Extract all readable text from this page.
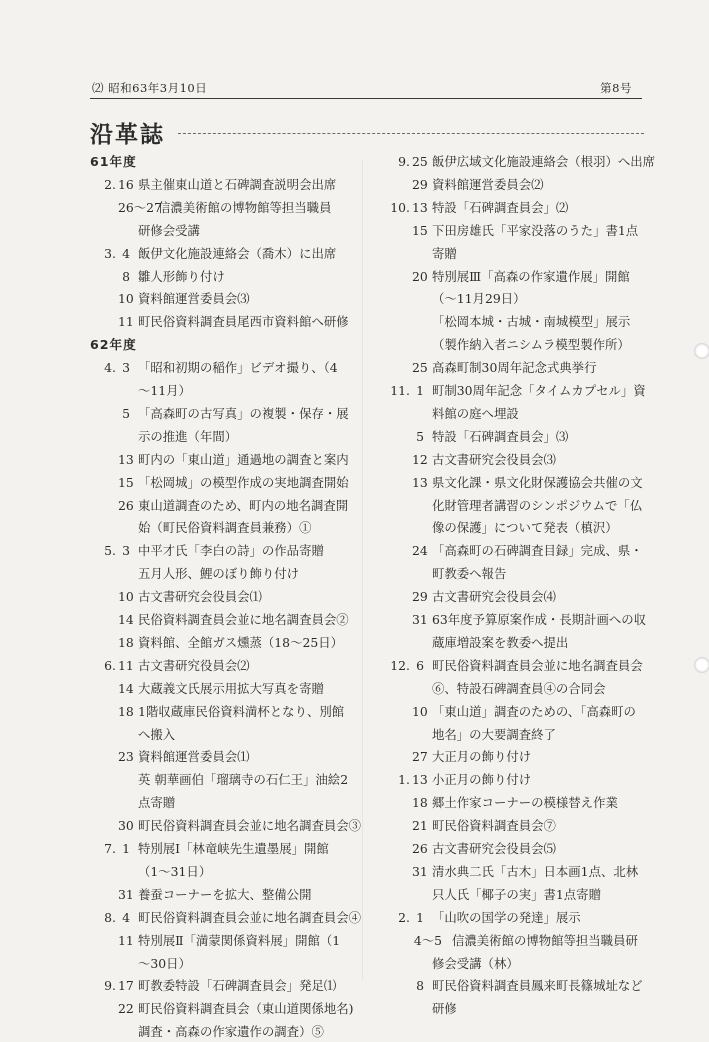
⑵ 昭和63年3月10日	第8号
沿革誌
61年度
2. 16 県主催東山道と石碑調査説明会出席
26～27
信濃美術館の博物館等担当職員
研修会受講
3. 4 飯伊文化施設連絡会（喬木）に出席
8 雛人形飾り付け
10 資料館運営委員会⑶
11 町民俗資料調査員尾西市資料館へ研修
62年度
4. 3 「昭和初期の稲作」ビデオ撮り、（4
～11月）
5 「高森町の古写真」の複製・保存・展
示の推進（年間）
13 町内の「東山道」通過地の調査と案内
15 「松岡城」の模型作成の実地調査開始
26 東山道調査のため、町内の地名調査開
始（町民俗資料調査員兼務）①
5. 3 中平才氏「李白の詩」の作品寄贈
五月人形、鯉のぼり飾り付け
10 古文書研究会役員会⑴
14 民俗資料調査員会並に地名調査員会②
18 資料館、全館ガス燻蒸（18～25日）
6. 11 古文書研究役員会⑵
14 大蔵義文氏展示用拡大写真を寄贈
18 1階収蔵庫民俗資料満杯となり、別館
へ搬入
23 資料館運営委員会⑴
英 朝華画伯「瑠璃寺の石仁王」油絵2
点寄贈
30 町民俗資料調査員会並に地名調査員会③
7. 1 特別展Ⅰ「林竜峡先生遺墨展」開館
（1～31日）
31 養蚕コーナーを拡大、整備公開
8. 4 町民俗資料調査員会並に地名調査員会④
11 特別展Ⅱ「満蒙関係資料展」開館（1
～30日）
9. 17 町教委特設「石碑調査員会」発足⑴
22 町民俗資料調査員会（東山道関係地名)
調査・高森の作家遺作の調査）⑤
9. 25 飯伊広域文化施設連絡会（根羽）へ出席
29 資料館運営委員会⑵
10. 13 特設「石碑調査員会」⑵
15 下田房雄氏「平家没落のうた」書1点
寄贈
20 特別展Ⅲ「高森の作家遺作展」開館
（～11月29日）
「松岡本城・古城・南城模型」展示
（製作納入者ニシムラ模型製作所）
25 高森町制30周年記念式典挙行
11. 1 町制30周年記念「タイムカプセル」資
料館の庭へ埋設
5 特設「石碑調査員会」⑶
12 古文書研究会役員会⑶
13 県文化課・県文化財保護協会共催の文
化財管理者講習のシンポジウムで「仏
像の保護」について発表（槙沢）
24 「高森町の石碑調査目録」完成、県・
町教委へ報告
29 古文書研究会役員会⑷
31 63年度予算原案作成・長期計画への収
蔵庫増設案を教委へ提出
12. 6 町民俗資料調査員会並に地名調査員会
⑥、特設石碑調査員④の合同会
10 「東山道」調査のための、「高森町の
地名」の大要調査終了
27 大正月の飾り付け
1. 13 小正月の飾り付け
18 郷土作家コーナーの模様替え作業
21 町民俗資料調査員会⑦
26 古文書研究会役員会⑸
31 清水典二氏「古木」日本画1点、北林
只人氏「椰子の実」書1点寄贈
2. 1 「山吹の国学の発達」展示
4～5 信濃美術館の博物館等担当職員研
修会受講（林）
8 町民俗資料調査員鳳来町長篠城址など
研修
